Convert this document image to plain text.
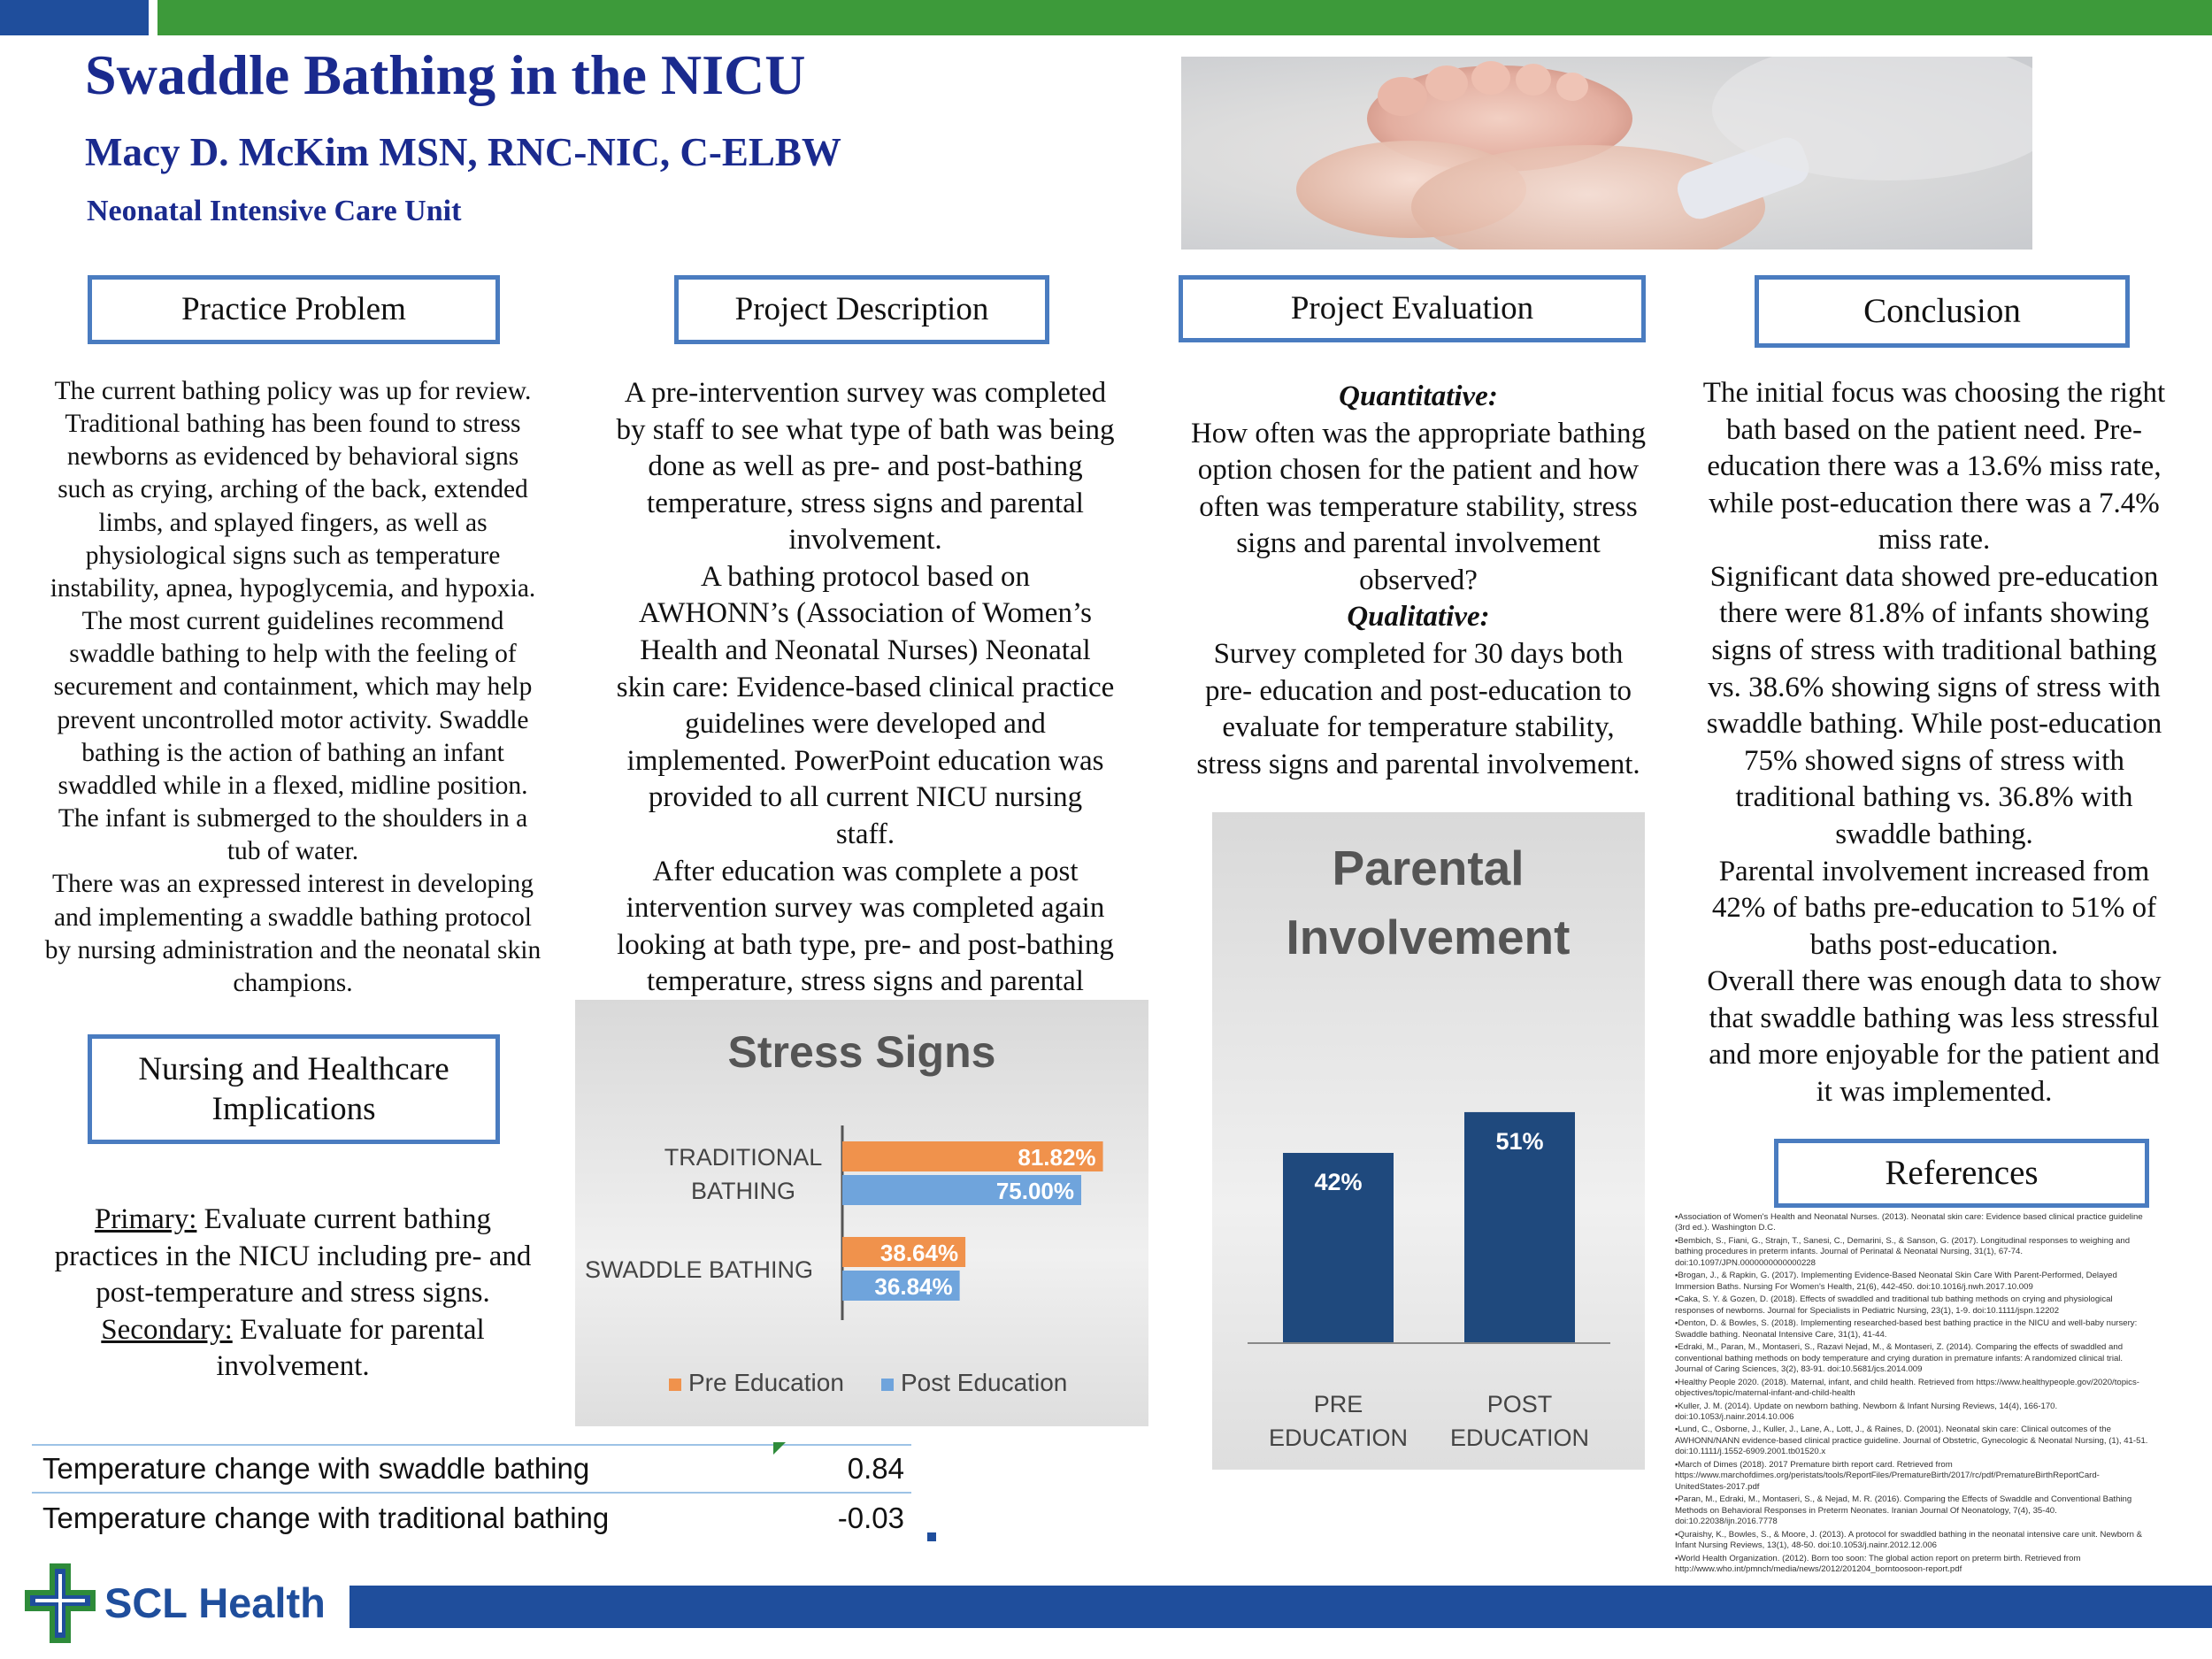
Swaddle Bathing in the NICU
Macy D. McKim MSN, RNC-NIC, C-ELBW
Neonatal Intensive Care Unit
Practice Problem	Project Description	Project Evaluation	Conclusion
Nursing and Healthcare
Implications
References

The current bathing policy was up for review.

Traditional bathing has been found to stress

newborns as evidenced by behavioral signs

such as crying, arching of the back, extended

limbs, and splayed fingers, as well as

physiological signs such as temperature

instability, apnea, hypoglycemia, and hypoxia.

The most current guidelines recommend

swaddle bathing to help with the feeling of

securement and containment, which may help

prevent uncontrolled motor activity. Swaddle

bathing is the action of bathing an infant

swaddled while in a flexed, midline position.

The infant is submerged to the shoulders in a

tub of water.

There was an expressed interest in developing

and implementing a swaddle bathing protocol

by nursing administration and the neonatal skin

champions.

Primary: Evaluate current bathing

practices in the NICU including pre- and

post-temperature and stress signs.

Secondary: Evaluate for parental

involvement.

A pre-intervention survey was completed

by staff to see what type of bath was being

done as well as pre- and post-bathing

temperature, stress signs and parental

involvement.

A bathing protocol based on

AWHONN’s (Association of Women’s

Health and Neonatal Nurses) Neonatal

skin care: Evidence-based clinical practice

guidelines were developed and

implemented. PowerPoint education was

provided to all current NICU nursing

staff.

After education was complete a post

intervention survey was completed again

looking at bath type, pre- and post-bathing

temperature, stress signs and parental

Quantitative:

How often was the appropriate bathing

option chosen for the patient and how

often was temperature stability, stress

signs and parental involvement

observed?

Qualitative:

Survey completed for 30 days both

pre- education and post-education to

evaluate for temperature stability,

stress signs and parental involvement.

The initial focus was choosing the right

bath based on the patient need. Pre-

education there was a 13.6% miss rate,

while post-education there was a 7.4%

miss rate.

Significant data showed pre-education

there were 81.8% of infants showing

signs of stress with traditional bathing

vs. 38.6% showing signs of stress with

swaddle bathing. While post-education

75% showed signs of stress with

traditional bathing vs. 36.8% with

swaddle bathing.

Parental involvement increased from

42% of baths pre-education to 51% of

baths post-education.

Overall there was enough data to show

that swaddle bathing was less stressful

and more enjoyable for the patient and

it was implemented.

Stress Signs
TRADITIONAL
BATHING
81.82%
75.00%
SWADDLE BATHING
38.64%
36.84%
Pre Education Post Education
Parental
Involvement
42%
PRE
EDUCATION
51%
POST
EDUCATION
Temperature change with swaddle bathing	0.84
Temperature change with traditional bathing	-0.03

▪Association of Women's Health and Neonatal Nurses. (2013). Neonatal skin care: Evidence based clinical practice guideline (3rd ed.). Washington D.C.

▪Bembich, S., Fiani, G., Strajn, T., Sanesi, C., Demarini, S., & Sanson, G. (2017). Longitudinal responses to weighing and bathing procedures in preterm infants. Journal of Perinatal & Neonatal Nursing, 31(1), 67-74. doi:10.1097/JPN.0000000000000228

▪Brogan, J., & Rapkin, G. (2017). Implementing Evidence-Based Neonatal Skin Care With Parent-Performed, Delayed Immersion Baths. Nursing For Women's Health, 21(6), 442-450. doi:10.1016/j.nwh.2017.10.009

▪Caka, S. Y. & Gozen, D. (2018). Effects of swaddled and traditional tub bathing methods on crying and physiological responses of newborns. Journal for Specialists in Pediatric Nursing, 23(1), 1-9. doi:10.1111/jspn.12202

▪Denton, D. & Bowles, S. (2018). Implementing researched-based best bathing practice in the NICU and well-baby nursery: Swaddle bathing. Neonatal Intensive Care, 31(1), 41-44.

▪Edraki, M., Paran, M., Montaseri, S., Razavi Nejad, M., & Montaseri, Z. (2014). Comparing the effects of swaddled and conventional bathing methods on body temperature and crying duration in premature infants: A randomized clinical trial. Journal of Caring Sciences, 3(2), 83-91. doi:10.5681/jcs.2014.009

▪Healthy People 2020. (2018). Maternal, infant, and child health. Retrieved from https://www.healthypeople.gov/2020/topics-objectives/topic/maternal-infant-and-child-health

▪Kuller, J. M. (2014). Update on newborn bathing. Newborn & Infant Nursing Reviews, 14(4), 166-170. doi:10.1053/j.nainr.2014.10.006

▪Lund, C., Osborne, J., Kuller, J., Lane, A., Lott, J., & Raines, D. (2001). Neonatal skin care: Clinical outcomes of the AWHONN/NANN evidence-based clinical practice guideline. Journal of Obstetric, Gynecologic & Neonatal Nursing, (1), 41-51. doi:10.1111/j.1552-6909.2001.tb01520.x

▪March of Dimes (2018). 2017 Premature birth report card. Retrieved from https://www.marchofdimes.org/peristats/tools/ReportFiles/PrematureBirth/2017/rc/pdf/PrematureBirthReportCard-UnitedStates-2017.pdf

▪Paran, M., Edraki, M., Montaseri, S., & Nejad, M. R. (2016). Comparing the Effects of Swaddle and Conventional Bathing Methods on Behavioral Responses in Preterm Neonates. Iranian Journal Of Neonatology, 7(4), 35-40. doi:10.22038/ijn.2016.7778

▪Quraishy, K., Bowles, S., & Moore, J. (2013). A protocol for swaddled bathing in the neonatal intensive care unit. Newborn & Infant Nursing Reviews, 13(1), 48-50. doi:10.1053/j.nainr.2012.12.006

▪World Health Organization. (2012). Born too soon: The global action report on preterm birth. Retrieved from http://www.who.int/pmnch/media/news/2012/201204_borntoosoon-report.pdf

SCL Health
